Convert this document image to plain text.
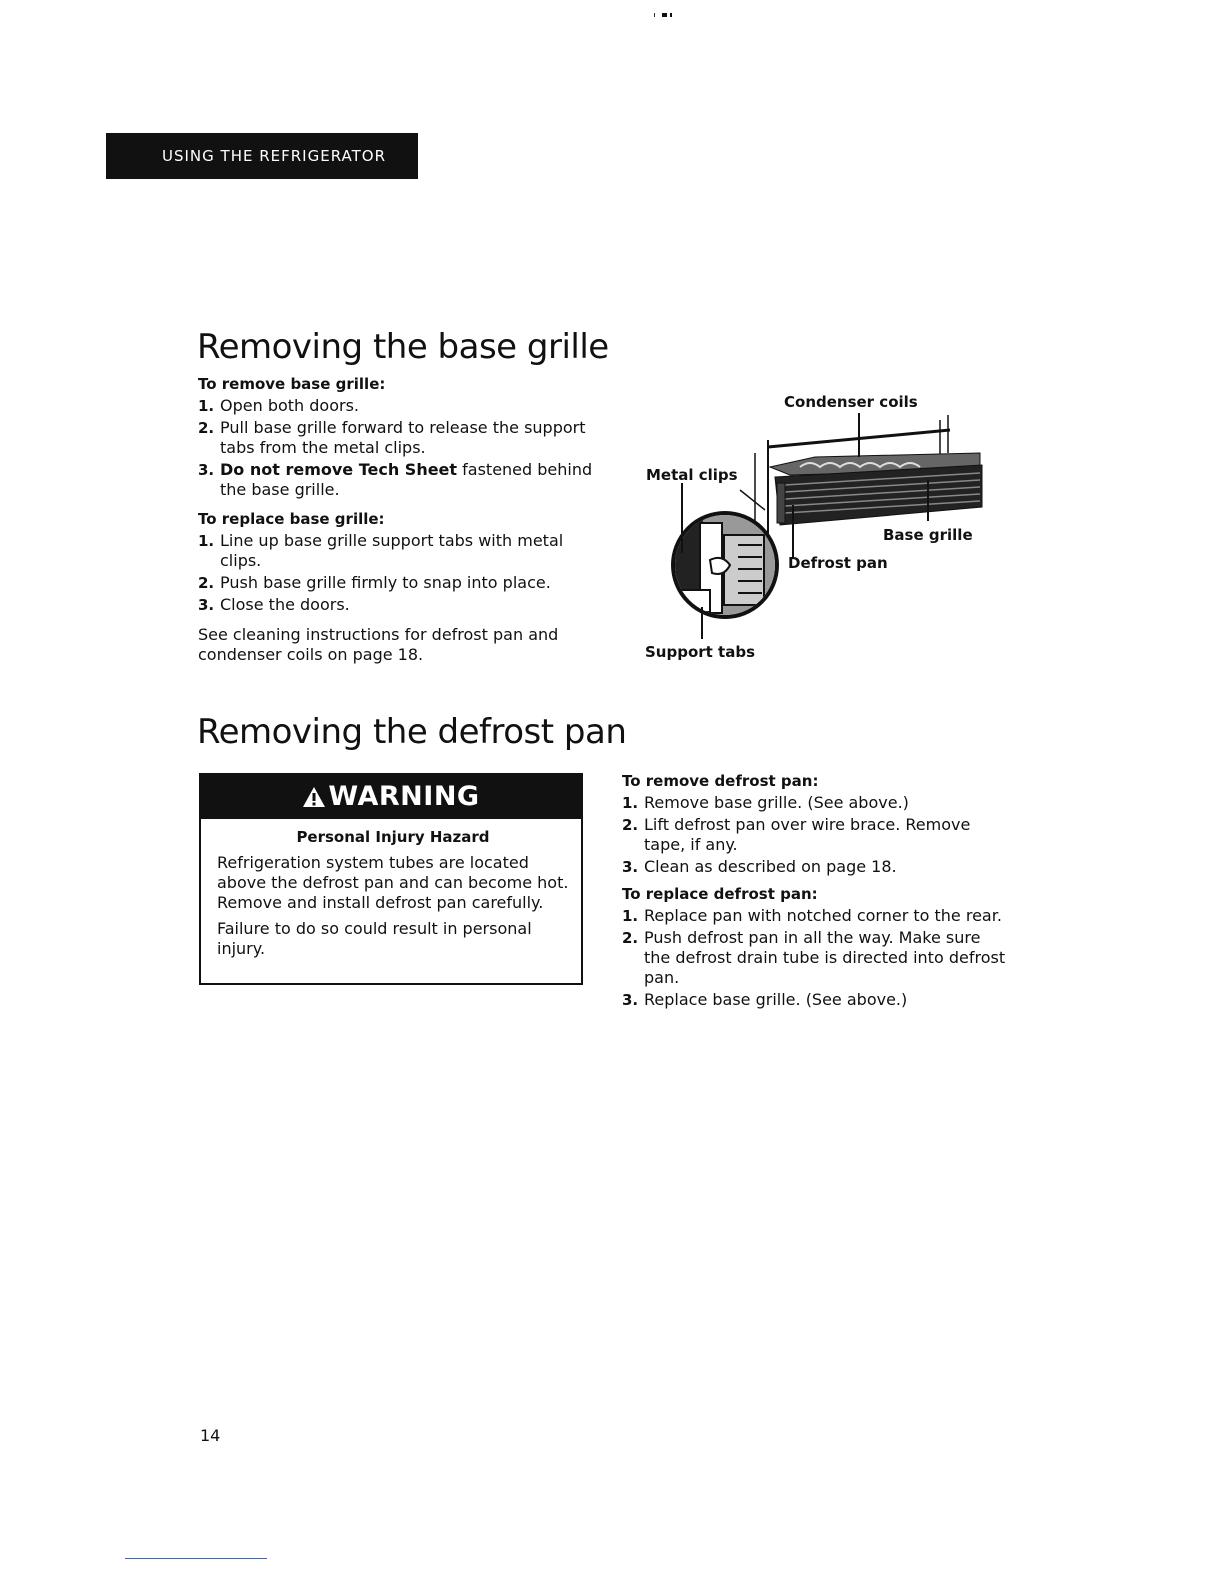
USING THE REFRIGERATOR
Removing the base grille

To remove base grille:

1. Open both doors.
2. Pull base grille forward to release the support tabs from the metal clips.
3. Do not remove Tech Sheet fastened behind the base grille.

To replace base grille:

1. Line up base grille support tabs with metal clips.
2. Push base grille firmly to snap into place.
3. Close the doors.

See cleaning instructions for defrost pan and condenser coils on page 18.

Condenser coils
Metal clips
Base grille
Defrost pan
Support tabs
Removing the defrost pan
WARNING

Personal Injury Hazard

Refrigeration system tubes are located above the defrost pan and can become hot. Remove and install defrost pan carefully.

Failure to do so could result in personal injury.

To remove defrost pan:

1. Remove base grille. (See above.)
2. Lift defrost pan over wire brace. Remove tape, if any.
3. Clean as described on page 18.

To replace defrost pan:

1. Replace pan with notched corner to the rear.
2. Push defrost pan in all the way. Make sure the defrost drain tube is directed into defrost pan.
3. Replace base grille. (See above.)
14
